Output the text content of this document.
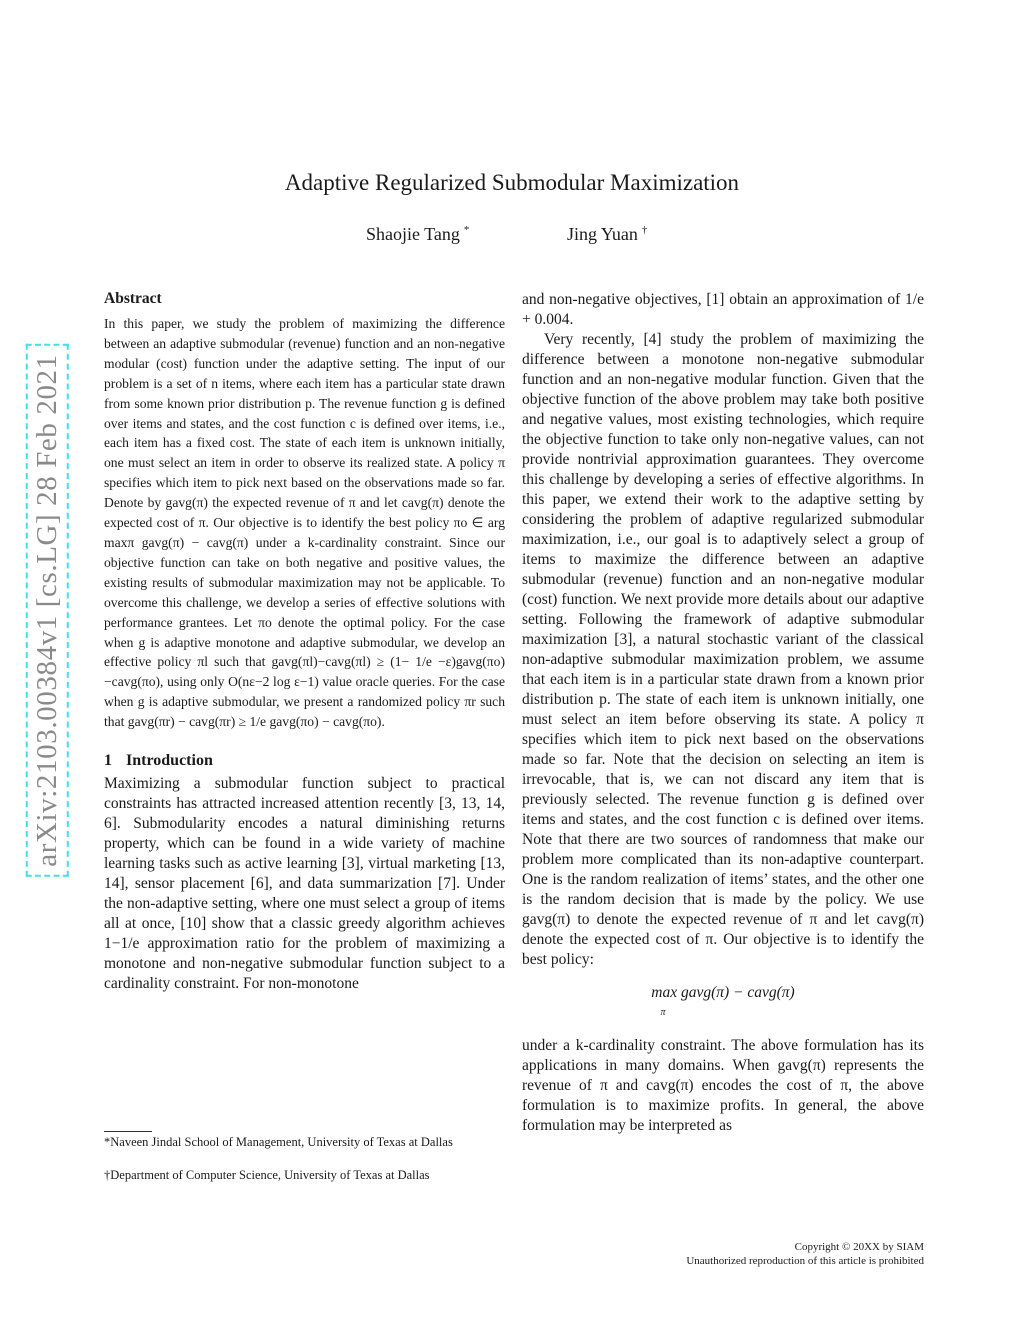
arXiv:2103.00384v1 [cs.LG] 28 Feb 2021
Adaptive Regularized Submodular Maximization
Shaojie Tang *	Jing Yuan †

Abstract

In this paper, we study the problem of maximizing the difference between an adaptive submodular (revenue) function and an non-negative modular (cost) function under the adaptive setting. The input of our problem is a set of n items, where each item has a particular state drawn from some known prior distribution p. The revenue function g is defined over items and states, and the cost function c is defined over items, i.e., each item has a fixed cost. The state of each item is unknown initially, one must select an item in order to observe its realized state. A policy π specifies which item to pick next based on the observations made so far. Denote by gavg(π) the expected revenue of π and let cavg(π) denote the expected cost of π. Our objective is to identify the best policy πo ∈ arg maxπ gavg(π) − cavg(π) under a k-cardinality constraint. Since our objective function can take on both negative and positive values, the existing results of submodular maximization may not be applicable. To overcome this challenge, we develop a series of effective solutions with performance grantees. Let πo denote the optimal policy. For the case when g is adaptive monotone and adaptive submodular, we develop an effective policy πl such that gavg(πl)−cavg(πl) ≥ (1− 1/e −ε)gavg(πo)−cavg(πo), using only O(nε−2 log ε−1) value oracle queries. For the case when g is adaptive submodular, we present a randomized policy πr such that gavg(πr) − cavg(πr) ≥ 1/e gavg(πo) − cavg(πo).

1 Introduction

Maximizing a submodular function subject to practical constraints has attracted increased attention recently [3, 13, 14, 6]. Submodularity encodes a natural diminishing returns property, which can be found in a wide variety of machine learning tasks such as active learning [3], virtual marketing [13, 14], sensor placement [6], and data summarization [7]. Under the non-adaptive setting, where one must select a group of items all at once, [10] show that a classic greedy algorithm achieves 1−1/e approximation ratio for the problem of maximizing a monotone and non-negative submodular function subject to a cardinality constraint. For non-monotone

and non-negative objectives, [1] obtain an approximation of 1/e + 0.004.

Very recently, [4] study the problem of maximizing the difference between a monotone non-negative submodular function and an non-negative modular function. Given that the objective function of the above problem may take both positive and negative values, most existing technologies, which require the objective function to take only non-negative values, can not provide nontrivial approximation guarantees. They overcome this challenge by developing a series of effective algorithms. In this paper, we extend their work to the adaptive setting by considering the problem of adaptive regularized submodular maximization, i.e., our goal is to adaptively select a group of items to maximize the difference between an adaptive submodular (revenue) function and an non-negative modular (cost) function. We next provide more details about our adaptive setting. Following the framework of adaptive submodular maximization [3], a natural stochastic variant of the classical non-adaptive submodular maximization problem, we assume that each item is in a particular state drawn from a known prior distribution p. The state of each item is unknown initially, one must select an item before observing its state. A policy π specifies which item to pick next based on the observations made so far. Note that the decision on selecting an item is irrevocable, that is, we can not discard any item that is previously selected. The revenue function g is defined over items and states, and the cost function c is defined over items. Note that there are two sources of randomness that make our problem more complicated than its non-adaptive counterpart. One is the random realization of items’ states, and the other one is the random decision that is made by the policy. We use gavg(π) to denote the expected revenue of π and let cavg(π) denote the expected cost of π. Our objective is to identify the best policy:

max gavg(π) − cavg(π)
π

under a k-cardinality constraint. The above formulation has its applications in many domains. When gavg(π) represents the revenue of π and cavg(π) encodes the cost of π, the above formulation is to maximize profits. In general, the above formulation may be interpreted as

*Naveen Jindal School of Management, University of Texas at Dallas
†Department of Computer Science, University of Texas at Dallas
Copyright © 20XX by SIAM
Unauthorized reproduction of this article is prohibited
